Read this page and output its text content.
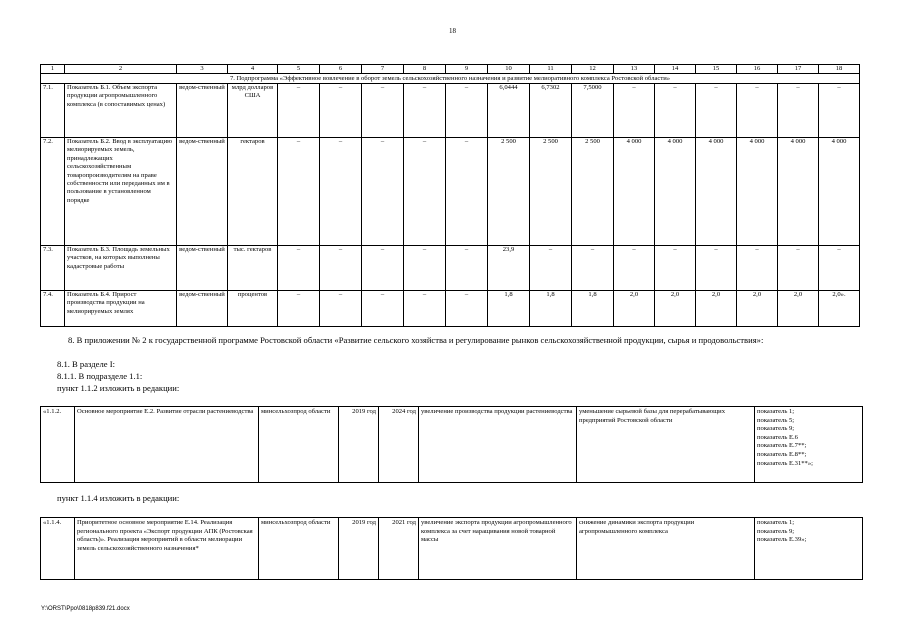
18
1	2	3	4	5	6	7	8	9	10	11	12	13	14	15	16	17	18
7. Подпрограмма «Эффективное вовлечение в оборот земель сельскохозяйственного назначения и развитие мелиоративного комплекса Ростовской области»																	
7.1.	Показатель Б.1. Объем экспорта продукции агропромышленного комплекса (в сопоставимых ценах)	ведом-ственный	млрд долларов США	–	–	–	–	–	6,0444	6,7302	7,5000	–	–	–	–	–	–
7.2.	Показатель Б.2. Ввод в эксплуатацию мелиорируемых земель, принадлежащих сельскохозяйственным товаропроизводителям на праве собственности или переданных им в пользование в установленном порядке	ведом-ственный	гектаров	–	–	–	–	–	2 500	2 500	2 500	4 000	4 000	4 000	4 000	4 000	4 000
7.3.	Показатель Б.3. Площадь земельных участков, на которых выполнены кадастровые работы	ведом-ственный	тыс. гектаров	–	–	–	–	–	23,9	–	–	–	–	–	–	–	–
7.4.	Показатель Б.4. Прирост производства продукции на мелиорируемых землях	ведом-ственный	процентов	–	–	–	–	–	1,8	1,8	1,8	2,0	2,0	2,0	2,0	2,0	2,0».
8. В приложении № 2 к государственной программе Ростовской области «Развитие сельского хозяйства и регулирование рынков сельскохозяйственной продукции, сырья и продовольствия»:
8.1. В разделе I:
8.1.1. В подразделе 1.1:
пункт 1.1.2 изложить в редакции:
«1.1.2.	Основное мероприятие Е.2. Развитие отрасли растениеводства	минсельхозпрод области	2019 год	2024 год	увеличение производства продукции растениеводства	уменьшение сырьевой базы для перерабатывающих предприятий Ростовской области	
показатель 1;
показатель 5;
показатель 9;
показатель Е.6
показатель Е.7**;
показатель Е.8**;
показатель Е.31**»;
пункт 1.1.4 изложить в редакции:
«1.1.4.	Приоритетное основное мероприятие Е.14. Реализация регионального проекта «Экспорт продукции АПК (Ростовская область)». Реализация мероприятий в области мелиорации земель сельскохозяйственного назначения*	минсельхозпрод области	2019 год	2021 год	увеличение экспорта продукции агропромышленного комплекса за счет наращивания новой товарной массы	снижение динамики экспорта продукции агропромышленного комплекса	
показатель 1;
показатель 9;
показатель Е.39»;
Y:\ORST\Ppo\0818p839.f21.docx
